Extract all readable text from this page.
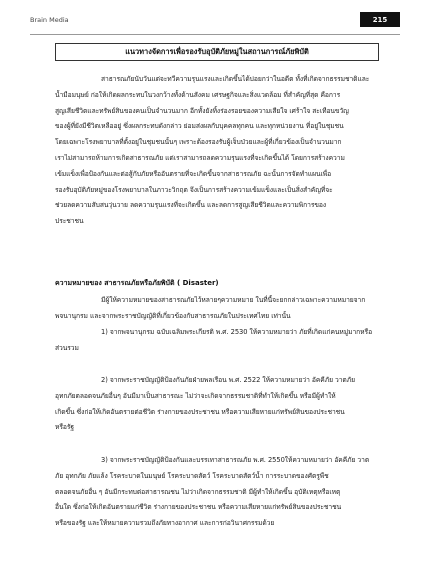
Brain Media	215
แนวทางจัดการเพื่อรองรับอุบัติภัยหมู่ในสถานการณ์ภัยพิบัติ
สาธารณภัยนับวันแต่จะทวีความรุนแรงและเกิดขึ้นได้บ่อยกว่าในอดีต ทั้งที่เกิดจากธรรมชาติและ
น้ำมือมนุษย์ ก่อให้เกิดผลกระทบในวงกว้างทั้งด้านสังคม เศรษฐกิจและสิ่งแวดล้อม ที่สำคัญที่สุด คือการ
สูญเสียชีวิตและทรัพย์สินของคนเป็นจำนวนมาก อีกทั้งยังทิ้งร่องรอยของความเสียใจ เศร้าใจ สะเทือนขวัญ
ของผู้ที่ยังมีชีวิตเหลืออยู่ ซึ่งผลกระทบดังกล่าว ย่อมส่งผลกับบุคคลทุกคน และทุกหน่วยงาน ที่อยู่ในชุมชน
โดยเฉพาะโรงพยาบาลที่ตั้งอยู่ในชุมชนนั้นๆ เพราะต้องรองรับผู้เจ็บป่วยและผู้ที่เกี่ยวข้องเป็นจำนวนมาก
เราไม่สามารถห้ามการเกิดสาธารณภัย แต่เราสามารถลดความรุนแรงที่จะเกิดขึ้นได้ โดยการสร้างความ
เข้มแข็งเพื่อป้องกันและต่อสู้กับภัยหรืออันตรายที่จะเกิดขึ้นจากสาธารณภัย ฉะนั้นการจัดทำแผนเพื่อ
รองรับอุบัติภัยหมู่ของโรงพยาบาลในภาวะวิกฤต จึงเป็นการสร้างความเข้มแข็งและเป็นสิ่งสำคัญที่จะ
ช่วยลดความสับสนวุ่นวาย ลดความรุนแรงที่จะเกิดขึ้น และลดการสูญเสียชีวิตและความพิการของ
ประชาชน
ความหมายของ สาธารณภัยหรือภัยพิบัติ ( Disaster)
มีผู้ให้ความหมายของสาธารณภัยไว้หลายๆความหมาย ในที่นี้จะยกกล่าวเฉพาะความหมายจาก
พจนานุกรม และจากพระราชบัญญัติที่เกี่ยวข้องกับสาธารณภัยในประเทศไทย เท่านั้น
1) จากพจนานุกรม ฉบับเฉลิมพระเกียรติ พ.ศ. 2530 ให้ความหมายว่า ภัยที่เกิดแก่คนหมู่มากหรือ
ส่วนรวม
2) จากพระราชบัญญัติป้องกันภัยฝ่ายพลเรือน พ.ศ. 2522 ให้ความหมายว่า อัคคีภัย วาตภัย
อุทกภัยตลอดจนภัยอื่นๆ อันมีมาเป็นสาธารณะ ไม่ว่าจะเกิดจากธรรมชาติที่ทำให้เกิดขึ้น หรือมีผู้ทำให้
เกิดขึ้น ซึ่งก่อให้เกิดอันตรายต่อชีวิต ร่างกายของประชาชน หรือความเสียหายแก่ทรัพย์สินของประชาชน
หรือรัฐ
3) จากพระราชบัญญัติป้องกันและบรรเทาสาธารณภัย พ.ศ. 2550ให้ความหมายว่า อัคคีภัย วาต
ภัย อุทกภัย ภัยแล้ง โรคระบาดในมนุษย์ โรคระบาดสัตว์ โรคระบาดสัตว์น้ำ การระบาดของศัตรูพืช
ตลอดจนภัยอื่น ๆ อันมีกระทบต่อสาธารณชน ไม่ว่าเกิดจากธรรมชาติ มีผู้ทำให้เกิดขึ้น อุบัติเหตุหรือเหตุ
อื่นใด ซึ่งก่อให้เกิดอันตรายแก่ชีวิต ร่างกายของประชาชน หรือความเสียหายแก่ทรัพย์สินของประชาชน
หรือของรัฐ และให้หมายความรวมถึงภัยทางอากาศ และการก่อวินาศกรรมด้วย
